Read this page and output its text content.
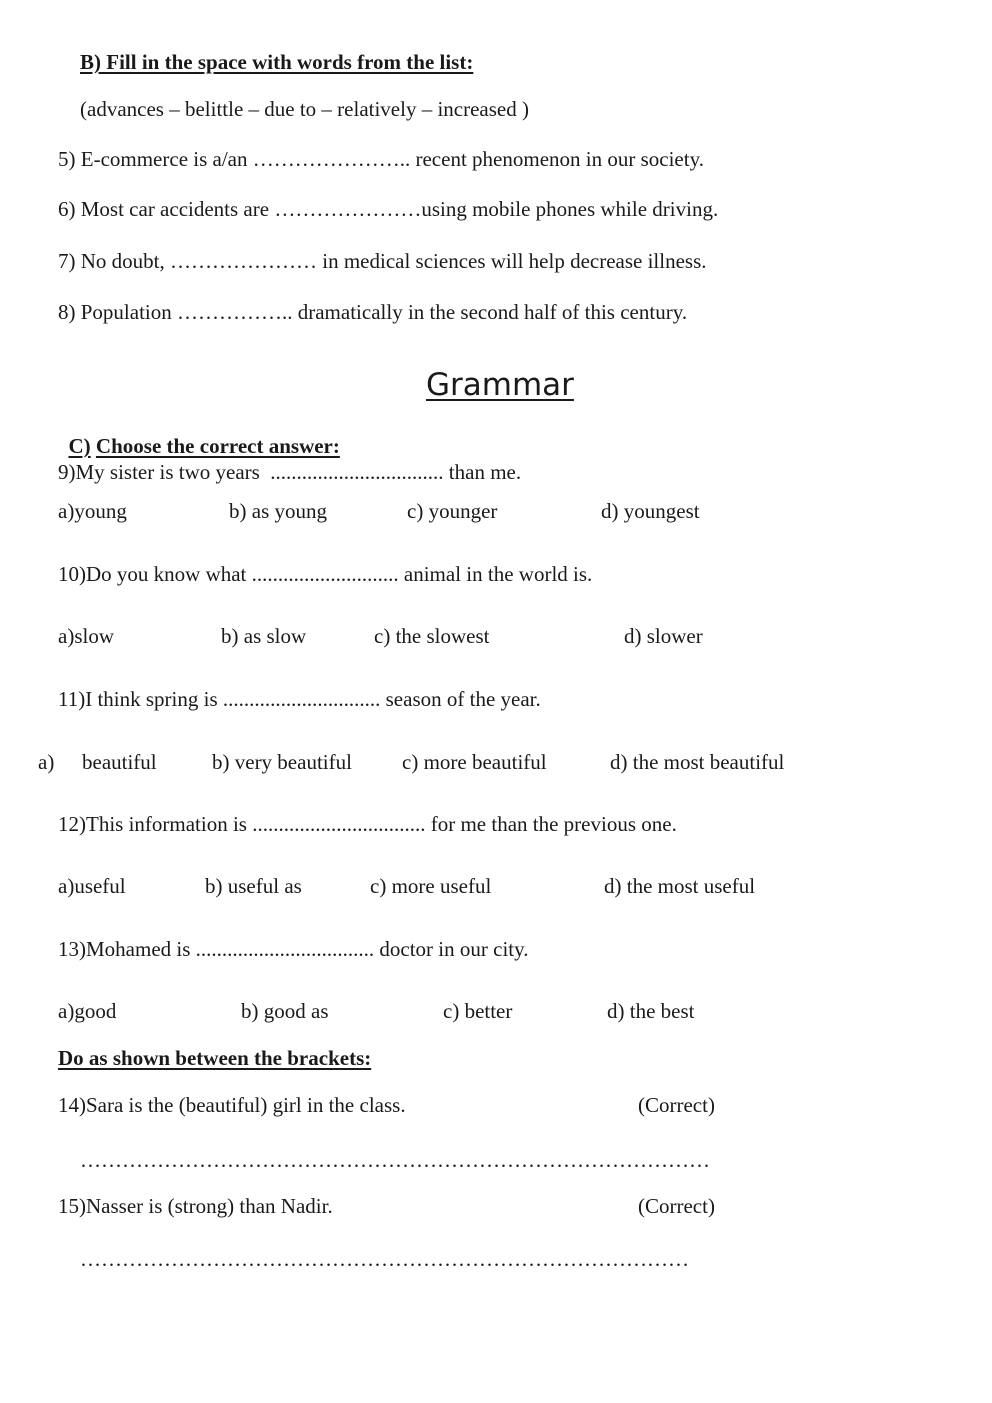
B) Fill in the space with words from the list:
(advances – belittle – due to – relatively – increased )
5) E-commerce is a/an ………………….. recent phenomenon in our society.
6) Most car accidents are …………………using mobile phones while driving.
7) No doubt, ………………… in medical sciences will help decrease illness.
8) Population …………….. dramatically in the second half of this century.
Grammar

C) Choose the correct answer:

9)My sister is two years  ................................. than me.
a)young	b) as young	c) younger	d) youngest
10)Do you know what ............................ animal in the world is.
a)slow	b) as slow	c) the slowest	d) slower
11)I think spring is .............................. season of the year.
a) beautiful	b) very beautiful c) more beautiful	d) the most beautiful
12)This information is ................................. for me than the previous one.
a)useful	b) useful as	c) more useful	d) the most useful
13)Mohamed is .................................. doctor in our city.
a)good	b) good as	c) better	d) the best
Do as shown between the brackets:
14)Sara is the (beautiful) girl in the class.	(Correct)
………………………………………………………………………………
15)Nasser is (strong) than Nadir.	(Correct)
……………………………………………………………………………
